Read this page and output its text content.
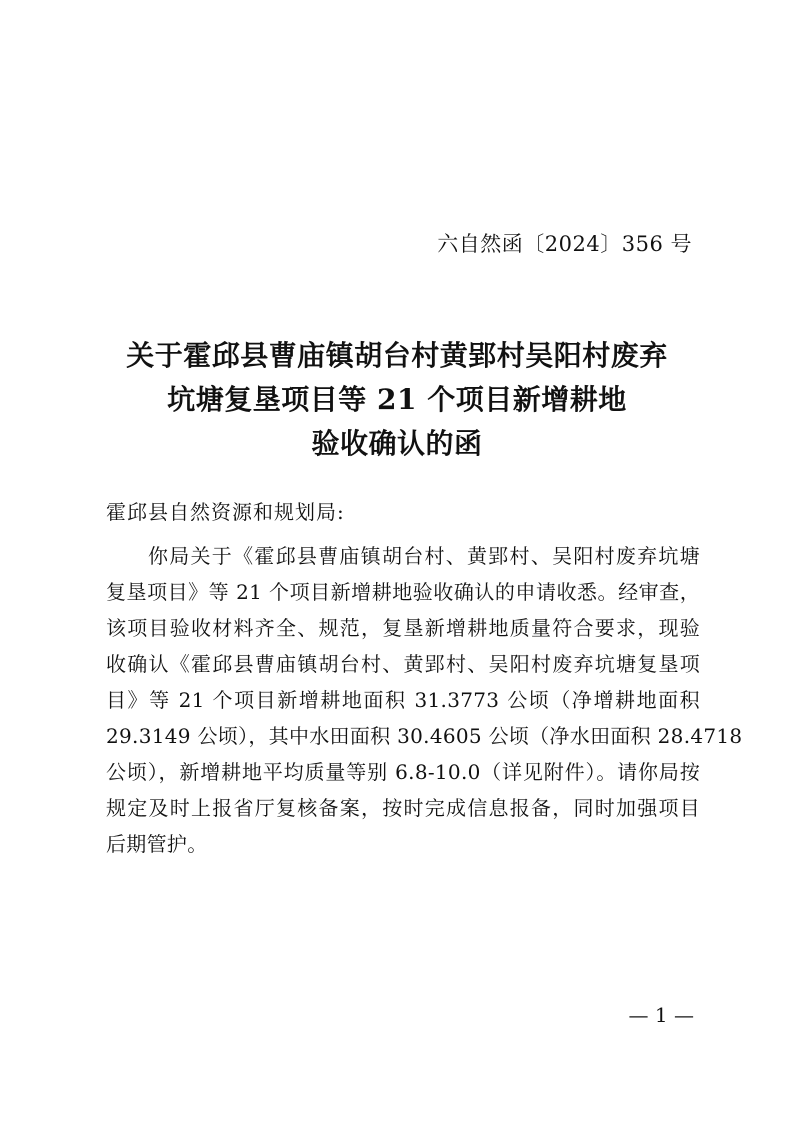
六自然函〔2024〕356 号
关于霍邱县曹庙镇胡台村黄郢村吴阳村废弃
坑塘复垦项目等 21 个项目新增耕地
验收确认的函
霍邱县自然资源和规划局:
你局关于《霍邱县曹庙镇胡台村、黄郢村、吴阳村废弃坑塘
复垦项目》等 21 个项目新增耕地验收确认的申请收悉。经审查，
该项目验收材料齐全、规范，复垦新增耕地质量符合要求，现验
收确认《霍邱县曹庙镇胡台村、黄郢村、吴阳村废弃坑塘复垦项
目》等 21 个项目新增耕地面积 31.3773 公顷（净增耕地面积
29.3149 公顷），其中水田面积 30.4605 公顷（净水田面积 28.4718
公顷），新增耕地平均质量等别 6.8-10.0（详见附件）。请你局按
规定及时上报省厅复核备案，按时完成信息报备，同时加强项目
后期管护。
— 1 —
